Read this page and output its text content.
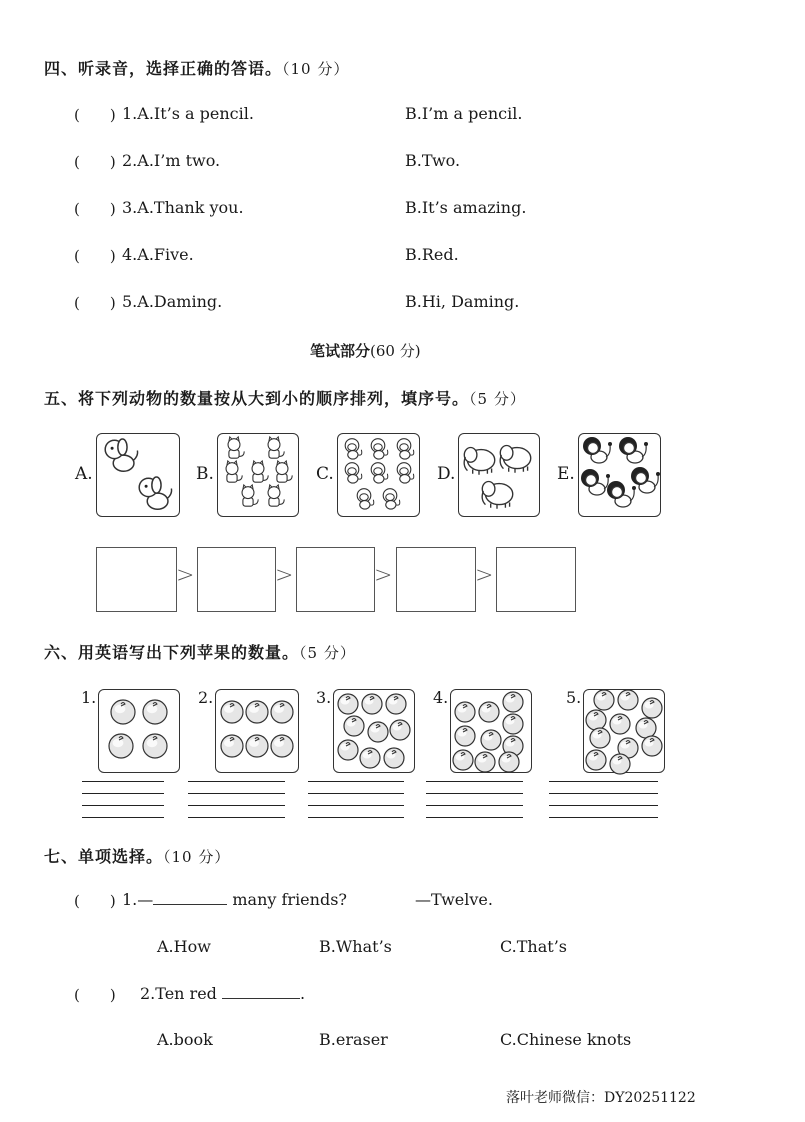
四、听录音，选择正确的答语。（10 分）
(　　) 1.A.It’s a pencil.	B.I’m a pencil.
(　　) 2.A.I’m two.	B.Two.
(　　) 3.A.Thank you.	B.It’s amazing.
(　　) 4.A.Five.	B.Red.
(　　) 5.A.Daming.	B.Hi, Daming.
笔试部分(60 分)
五、将下列动物的数量按从大到小的顺序排列，填序号。（5 分）
A.	B.	C.	D.	E.
>	>	>	>
六、用英语写出下列苹果的数量。（5 分）
1.	2.	3.	4.	5.
七、单项选择。（10 分）
(　　) 1.—	many friends?	—Twelve.
A.How	B.What’s	C.That’s
(　　) 2.Ten red	.
A.book	B.eraser	C.Chinese knots
落叶老师微信：DY20251122
